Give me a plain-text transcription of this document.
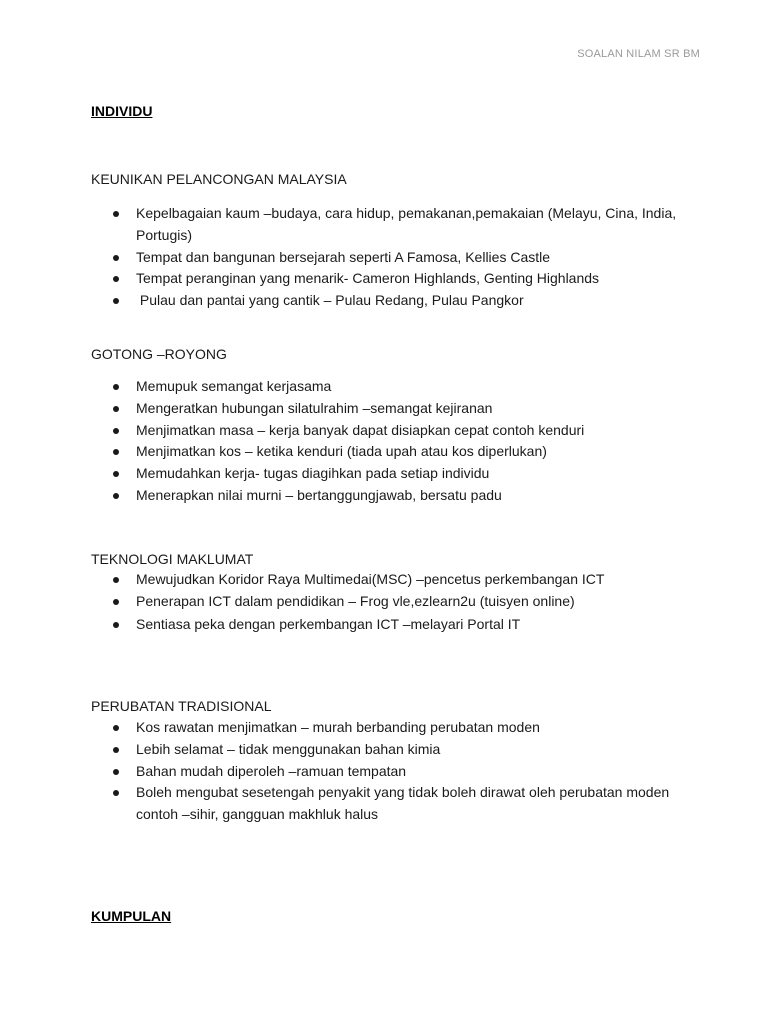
SOALAN NILAM SR BM
INDIVIDU
KEUNIKAN PELANCONGAN MALAYSIA
Kepelbagaian kaum –budaya, cara hidup, pemakanan,pemakaian (Melayu, Cina, India, Portugis)
Tempat dan bangunan bersejarah seperti A Famosa, Kellies Castle
Tempat peranginan yang menarik- Cameron Highlands, Genting Highlands
Pulau dan pantai yang cantik – Pulau Redang, Pulau Pangkor
GOTONG –ROYONG
Memupuk semangat kerjasama
Mengeratkan hubungan silatulrahim –semangat kejiranan
Menjimatkan masa – kerja banyak dapat disiapkan cepat contoh kenduri
Menjimatkan kos – ketika kenduri (tiada upah atau kos diperlukan)
Memudahkan kerja- tugas diagihkan pada setiap individu
Menerapkan nilai murni – bertanggungjawab, bersatu padu
TEKNOLOGI MAKLUMAT
Mewujudkan Koridor Raya Multimedai(MSC) –pencetus perkembangan ICT
Penerapan ICT dalam pendidikan – Frog vle,ezlearn2u (tuisyen online)
Sentiasa peka dengan perkembangan ICT –melayari Portal IT
PERUBATAN TRADISIONAL
Kos rawatan menjimatkan – murah berbanding perubatan moden
Lebih selamat – tidak menggunakan bahan kimia
Bahan mudah diperoleh –ramuan tempatan
Boleh mengubat sesetengah penyakit yang tidak boleh dirawat oleh perubatan moden contoh –sihir, gangguan makhluk halus
KUMPULAN
